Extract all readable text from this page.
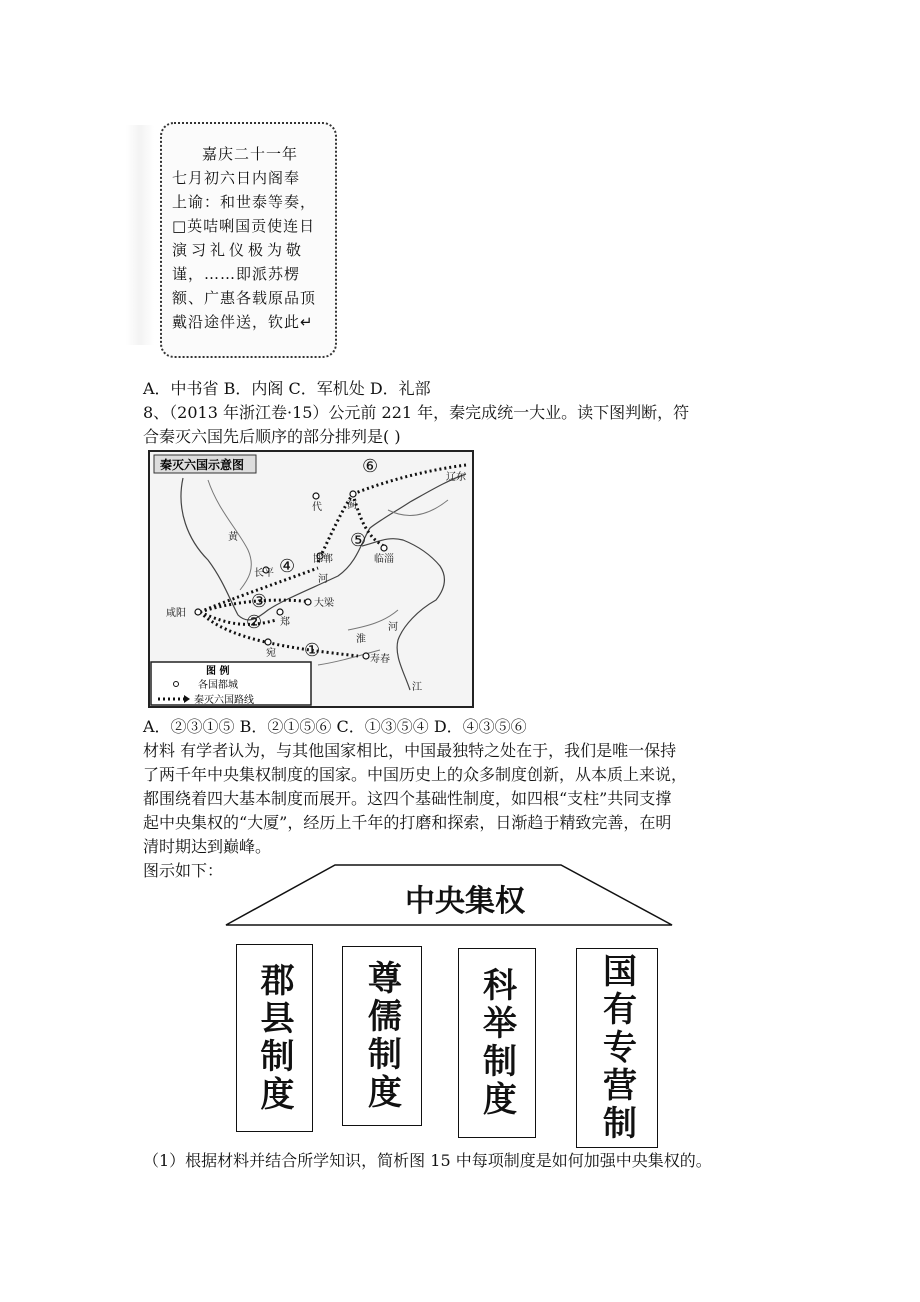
嘉庆二十一年
七月初六日内阁奉
上谕：和世泰等奏，
□英咭唎国贡使连日
演习礼仪极为敬
谨，……即派苏楞
额、广惠各载原品顶
戴沿途伴送，钦此↵
A．中书省 B．内阁 C．军机处 D．礼部
8、（2013 年浙江卷·15）公元前 221 年，秦完成统一大业。读下图判断，符
合秦灭六国先后顺序的部分排列是( )
秦灭六国示意图
①
②
③
④
⑤
⑥
辽东
蓟
代
邯郸
长平
咸阳
大梁
郑
宛
临淄
寿春
淮
河
河
黄
江
图 例
各国都城
秦灭六国路线
A．②③①⑤ B．②①⑤⑥ C．①③⑤④ D．④③⑤⑥
材料 有学者认为，与其他国家相比，中国最独特之处在于，我们是唯一保持
了两千年中央集权制度的国家。中国历史上的众多制度创新，从本质上来说，
都围绕着四大基本制度而展开。这四个基础性制度，如四根“支柱”共同支撑
起中央集权的“大厦”，经历上千年的打磨和探索，日渐趋于精致完善，在明
清时期达到巅峰。
图示如下：
中央集权
郡县制度 尊儒制度 科举制度 国有专营制
（1）根据材料并结合所学知识，简析图 15 中每项制度是如何加强中央集权的。
